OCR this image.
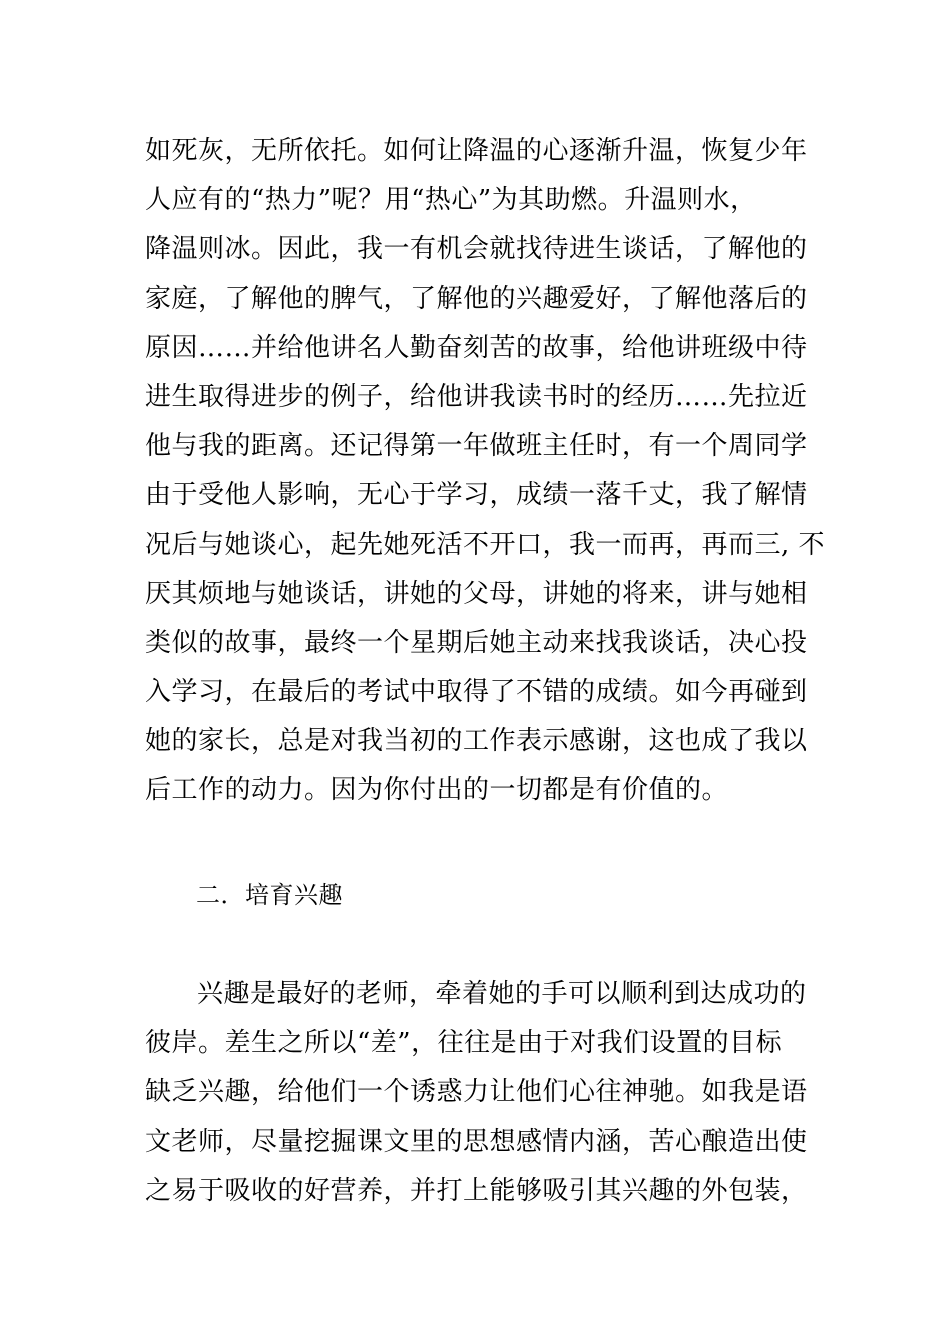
如死灰，无所依托。如何让降温的心逐渐升温，恢复少年
人应有的“热力”呢？用“热心”为其助燃。升温则水，
降温则冰。因此，我一有机会就找待进生谈话，了解他的
家庭，了解他的脾气，了解他的兴趣爱好，了解他落后的
原因……并给他讲名人勤奋刻苦的故事，给他讲班级中待
进生取得进步的例子，给他讲我读书时的经历……先拉近
他与我的距离。还记得第一年做班主任时，有一个周同学
由于受他人影响，无心于学习，成绩一落千丈，我了解情
况后与她谈心，起先她死活不开口，我一而再，再而三, 不
厌其烦地与她谈话，讲她的父母，讲她的将来，讲与她相
类似的故事，最终一个星期后她主动来找我谈话，决心投
入学习，在最后的考试中取得了不错的成绩。如今再碰到
她的家长，总是对我当初的工作表示感谢，这也成了我以
后工作的动力。因为你付出的一切都是有价值的。
二．培育兴趣
兴趣是最好的老师，牵着她的手可以顺利到达成功的
彼岸。差生之所以“差”，往往是由于对我们设置的目标
缺乏兴趣，给他们一个诱惑力让他们心往神驰。如我是语
文老师，尽量挖掘课文里的思想感情内涵，苦心酿造出使
之易于吸收的好营养，并打上能够吸引其兴趣的外包装，
